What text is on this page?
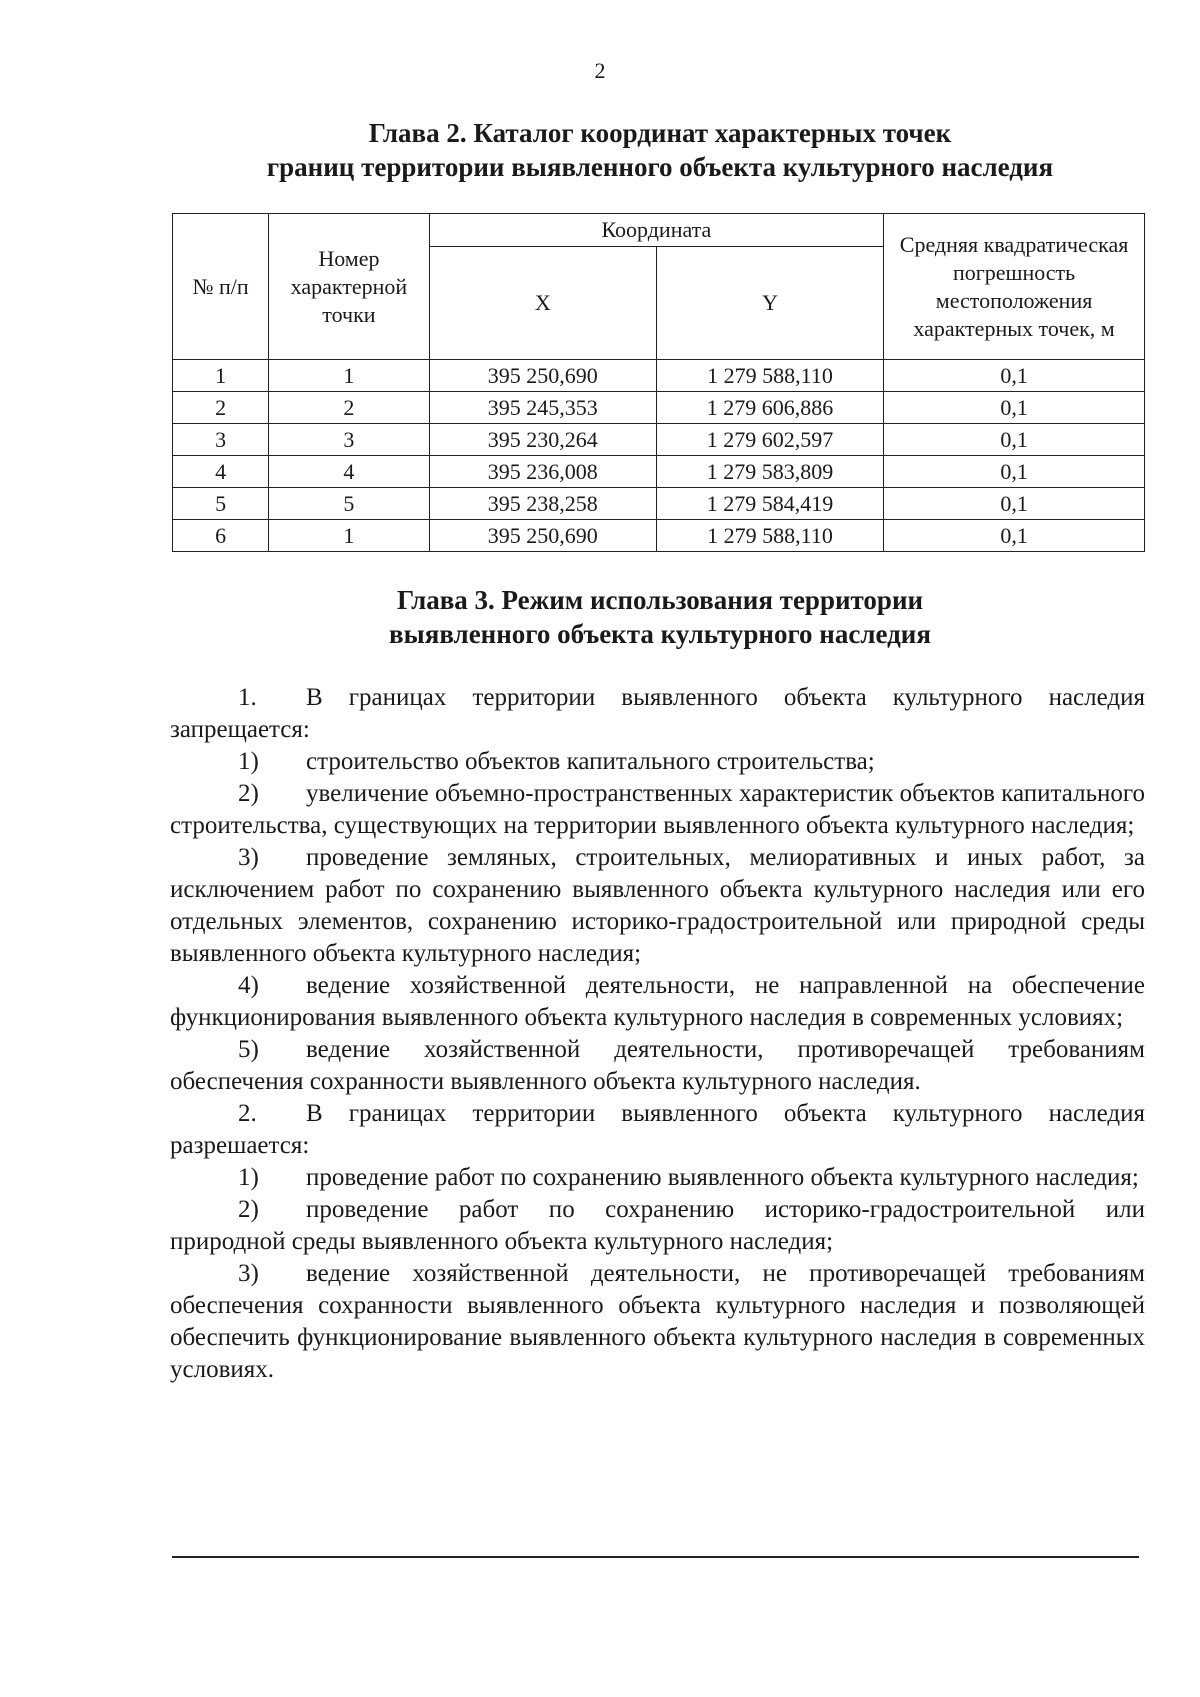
2
Глава 2. Каталог координат характерных точек
границ территории выявленного объекта культурного наследия
№ п/п	Номер характерной точки	Координата		Средняя квадратическая погрешность местоположения характерных точек, м
		X	Y	
1	1	395 250,690	1 279 588,110	0,1
2	2	395 245,353	1 279 606,886	0,1
3	3	395 230,264	1 279 602,597	0,1
4	4	395 236,008	1 279 583,809	0,1
5	5	395 238,258	1 279 584,419	0,1
6	1	395 250,690	1 279 588,110	0,1
Глава 3. Режим использования территории
выявленного объекта культурного наследия

1. В границах территории выявленного объекта культурного наследия запрещается:

1) строительство объектов капитального строительства;

2) увеличение объемно-пространственных характеристик объектов капитального строительства, существующих на территории выявленного объекта культурного наследия;

3) проведение земляных, строительных, мелиоративных и иных работ, за исключением работ по сохранению выявленного объекта культурного наследия или его отдельных элементов, сохранению историко-градостроительной или природной среды выявленного объекта культурного наследия;

4) ведение хозяйственной деятельности, не направленной на обеспечение функционирования выявленного объекта культурного наследия в современных условиях;

5) ведение хозяйственной деятельности, противоречащей требованиям обеспечения сохранности выявленного объекта культурного наследия.

2. В границах территории выявленного объекта культурного наследия разрешается:

1) проведение работ по сохранению выявленного объекта культурного наследия;

2) проведение работ по сохранению историко-градостроительной или природной среды выявленного объекта культурного наследия;

3) ведение хозяйственной деятельности, не противоречащей требованиям обеспечения сохранности выявленного объекта культурного наследия и позволяющей обеспечить функционирование выявленного объекта культурного наследия в современных условиях.
